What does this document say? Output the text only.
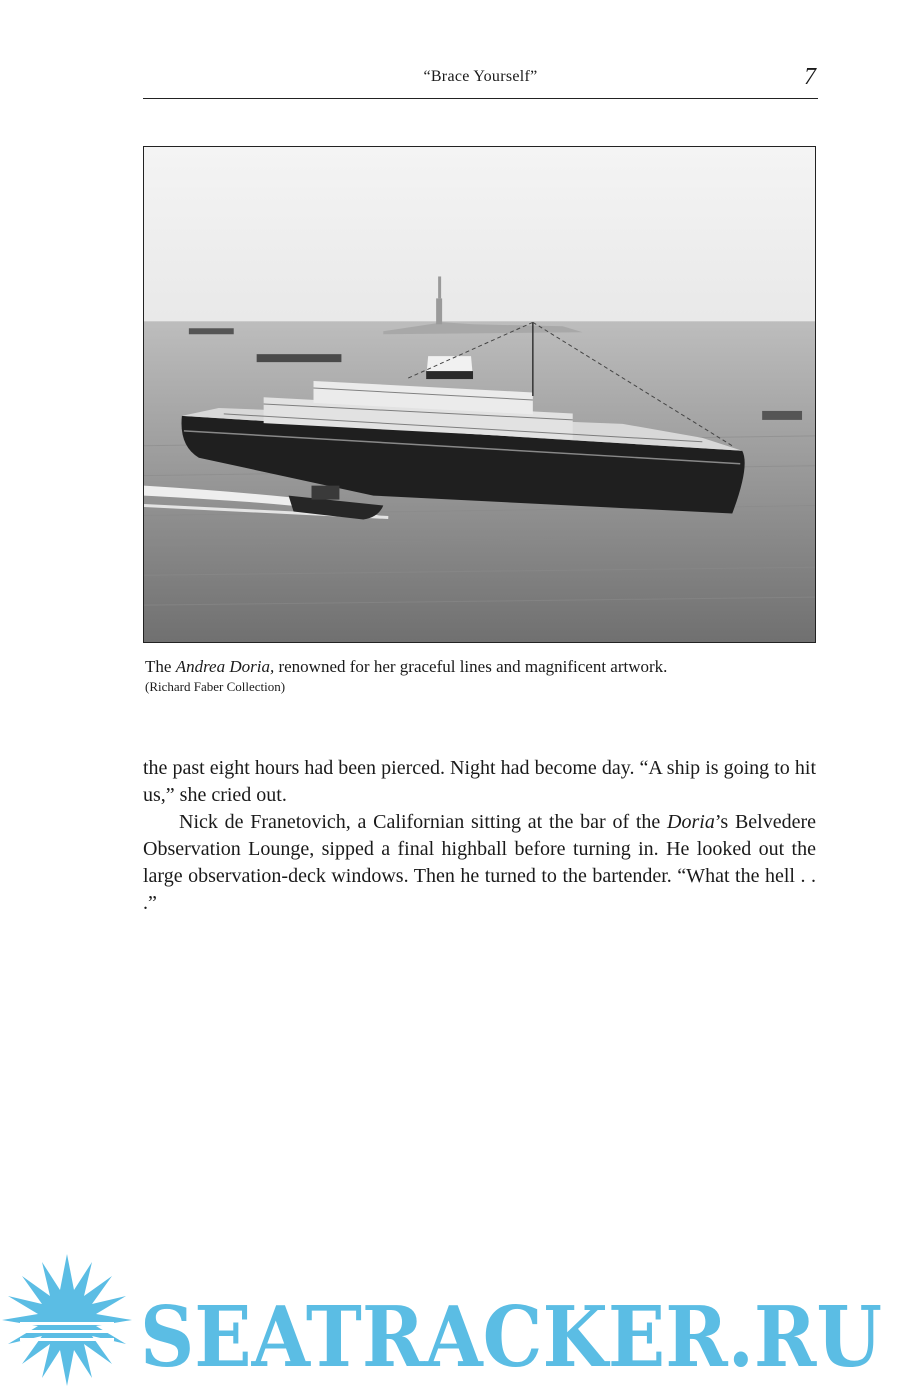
“Brace Yourself”	7
The Andrea Doria, renowned for her graceful lines and magnificent artwork.
(Richard Faber Collection)

the past eight hours had been pierced. Night had become day. “A ship is going to hit us,” she cried out.

Nick de Franetovich, a Californian sitting at the bar of the Doria’s Belvedere Observation Lounge, sipped a final highball before turning in. He looked out the large observation-deck windows. Then he turned to the bartender. “What the hell . . .”

SEATRACKER.RU
